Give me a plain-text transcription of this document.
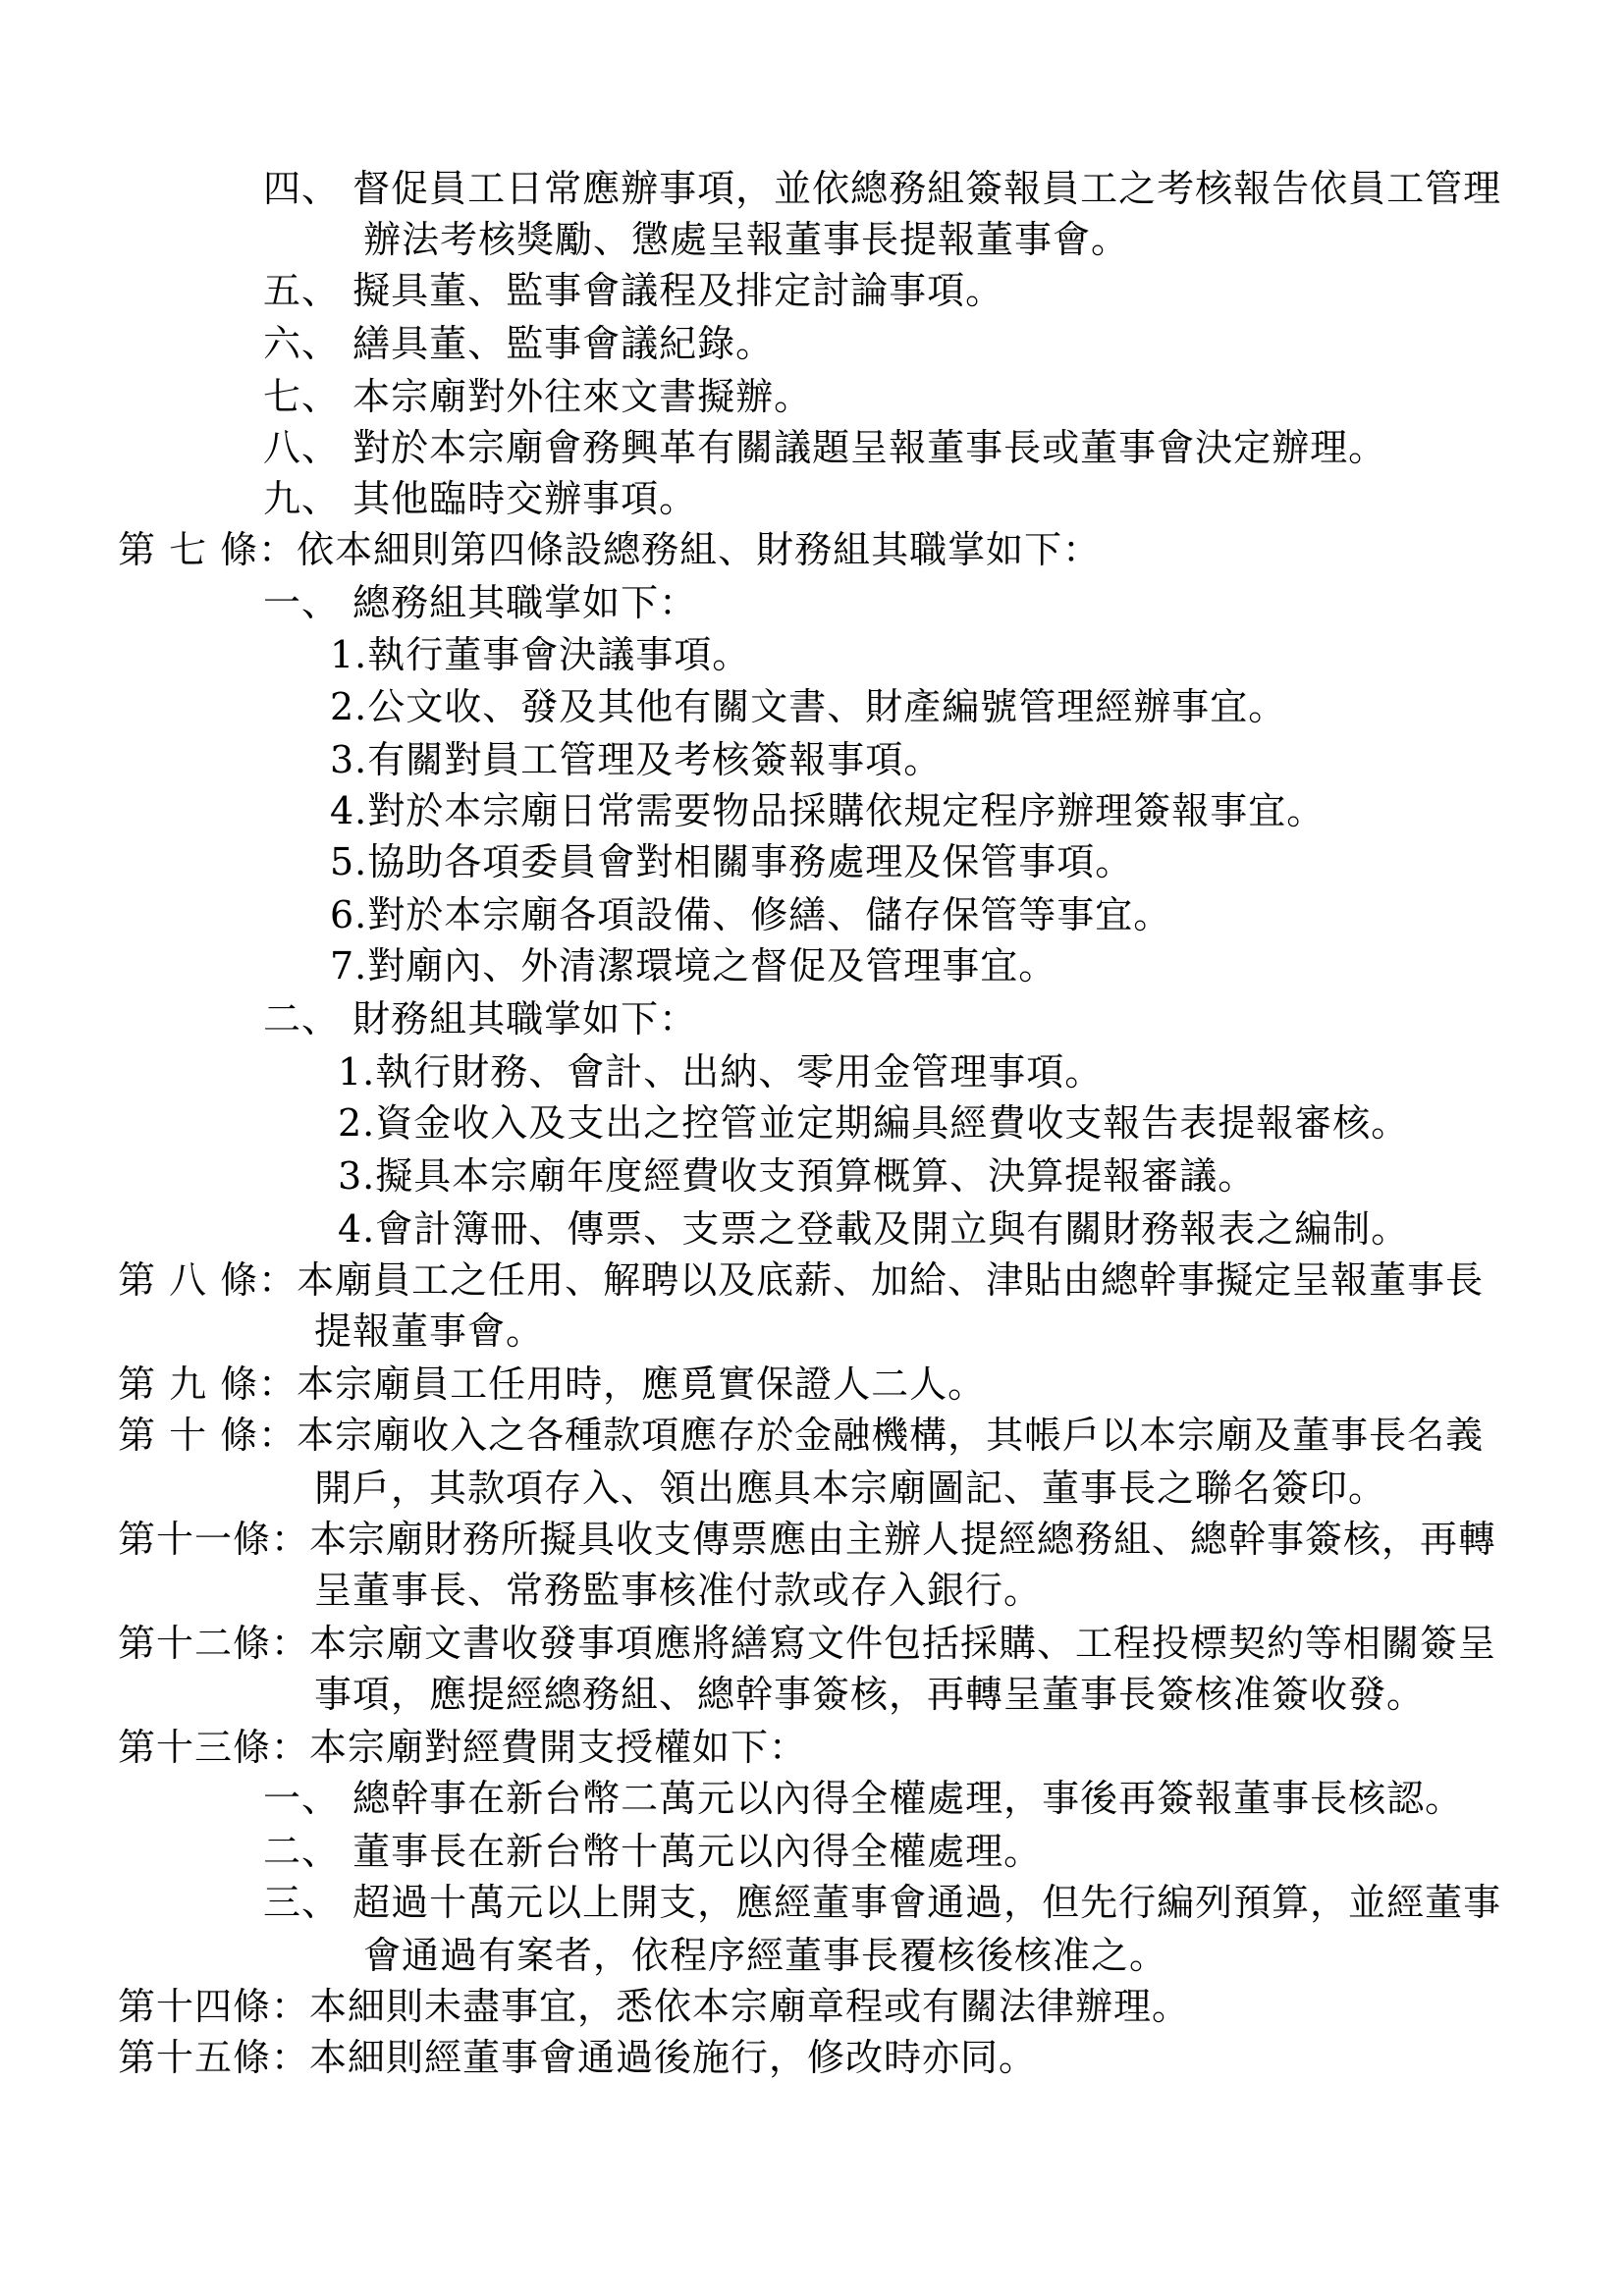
四、 督促員工日常應辦事項，並依總務組簽報員工之考核報告依員工管理
辦法考核獎勵、懲處呈報董事長提報董事會。
五、 擬具董、監事會議程及排定討論事項。
六、 繕具董、監事會議紀錄。
七、 本宗廟對外往來文書擬辦。
八、 對於本宗廟會務興革有關議題呈報董事長或董事會決定辦理。
九、 其他臨時交辦事項。
第 七 條：依本細則第四條設總務組、財務組其職掌如下：
一、 總務組其職掌如下：
1.執行董事會決議事項。
2.公文收、發及其他有關文書、財產編號管理經辦事宜。
3.有關對員工管理及考核簽報事項。
4.對於本宗廟日常需要物品採購依規定程序辦理簽報事宜。
5.協助各項委員會對相關事務處理及保管事項。
6.對於本宗廟各項設備、修繕、儲存保管等事宜。
7.對廟內、外清潔環境之督促及管理事宜。
二、 財務組其職掌如下：
1.執行財務、會計、出納、零用金管理事項。
2.資金收入及支出之控管並定期編具經費收支報告表提報審核。
3.擬具本宗廟年度經費收支預算概算、決算提報審議。
4.會計簿冊、傳票、支票之登載及開立與有關財務報表之編制。
第 八 條：本廟員工之任用、解聘以及底薪、加給、津貼由總幹事擬定呈報董事長
提報董事會。
第 九 條：本宗廟員工任用時，應覓實保證人二人。
第 十 條：本宗廟收入之各種款項應存於金融機構，其帳戶以本宗廟及董事長名義
開戶，其款項存入、領出應具本宗廟圖記、董事長之聯名簽印。
第十一條：本宗廟財務所擬具收支傳票應由主辦人提經總務組、總幹事簽核，再轉
呈董事長、常務監事核准付款或存入銀行。
第十二條：本宗廟文書收發事項應將繕寫文件包括採購、工程投標契約等相關簽呈
事項，應提經總務組、總幹事簽核，再轉呈董事長簽核准簽收發。
第十三條：本宗廟對經費開支授權如下：
一、 總幹事在新台幣二萬元以內得全權處理，事後再簽報董事長核認。
二、 董事長在新台幣十萬元以內得全權處理。
三、 超過十萬元以上開支，應經董事會通過，但先行編列預算，並經董事
會通過有案者，依程序經董事長覆核後核准之。
第十四條：本細則未盡事宜，悉依本宗廟章程或有關法律辦理。
第十五條：本細則經董事會通過後施行，修改時亦同。
